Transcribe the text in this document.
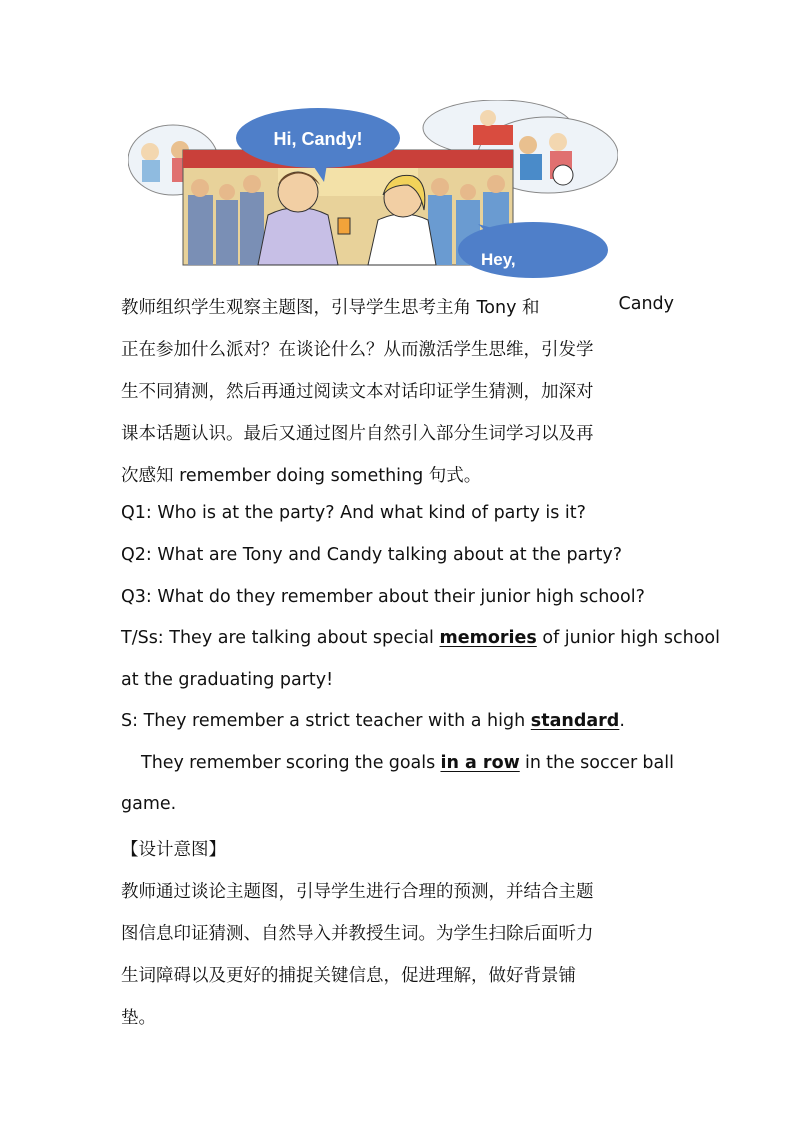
Hi, Candy!
Hey,
教师组织学生观察主题图，引导学生思考主角 Tony 和	Candy
正在参加什么派对？在谈论什么？从而激活学生思维，引发学
生不同猜测，然后再通过阅读文本对话印证学生猜测，加深对
课本话题认识。最后又通过图片自然引入部分生词学习以及再
次感知 remember doing something 句式。
Q1: Who is at the party? And what kind of party is it?
Q2: What are Tony and Candy talking about at the party?
Q3: What do they remember about their junior high school?
T/Ss: They are talking about special memories of junior high school
at the graduating party!
S: They remember a strict teacher with a high standard.
They remember scoring the goals in a row in the soccer ball
game.
【设计意图】
教师通过谈论主题图，引导学生进行合理的预测，并结合主题
图信息印证猜测、自然导入并教授生词。为学生扫除后面听力
生词障碍以及更好的捕捉关键信息，促进理解，做好背景铺
垫。
